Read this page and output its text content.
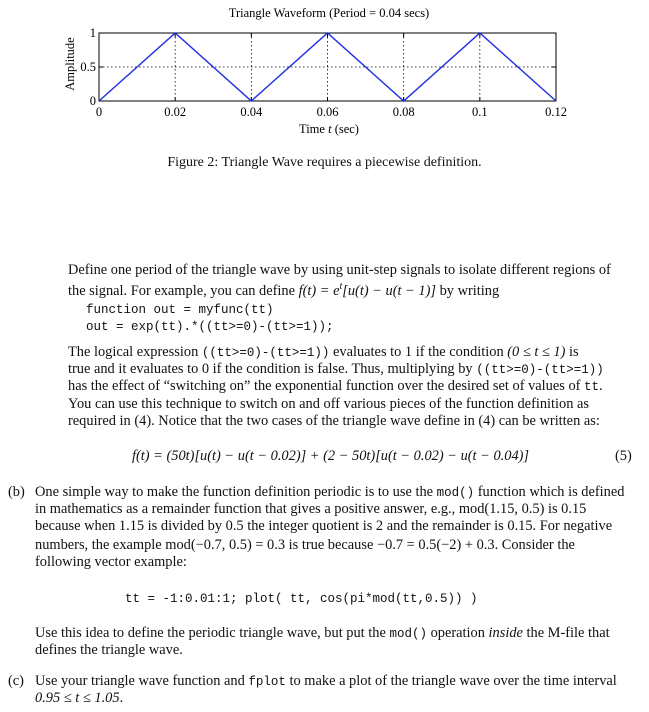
Triangle Waveform (Period = 0.04 secs)
0	0.02	0.04	0.06	0.08	0.1	0.12
0
0.5
1
Amplitude
Time t (sec)
Figure 2: Triangle Wave requires a piecewise definition.
Define one period of the triangle wave by using unit-step signals to isolate different regions of
the signal. For example, you can define $f(t) = e^t[u(t) - u(t - 1)]$ by writing
function out = myfunc(tt)
out = exp(tt).*((tt>=0)-(tt>=1));
The logical expression ((tt>=0)-(tt>=1)) evaluates to 1 if the condition (0 ≤ t ≤ 1) is
true and it evaluates to 0 if the condition is false. Thus, multiplying by ((tt>=0)-(tt>=1))
has the effect of “switching on” the exponential function over the desired set of values of tt.
You can use this technique to switch on and off various pieces of the function definition as
required in (4). Notice that the two cases of the triangle wave define in (4) can be written as:
f(t) = (50t)[u(t) − u(t − 0.02)] + (2 − 50t)[u(t − 0.02) − u(t − 0.04)]	(5)
(b) One simple way to make the function definition periodic is to use the mod() function which is defined
in mathematics as a remainder function that gives a positive answer, e.g., mod(1.15, 0.5) is 0.15
because when 1.15 is divided by 0.5 the integer quotient is 2 and the remainder is 0.15. For negative
numbers, the example mod(−0.7, 0.5) = 0.3 is true because −0.7 = 0.5(−2) + 0.3. Consider the
following vector example:
tt = -1:0.01:1; plot( tt, cos(pi*mod(tt,0.5)) )
Use this idea to define the periodic triangle wave, but put the mod() operation inside the M-file that
defines the triangle wave.
(c) Use your triangle wave function and fplot to make a plot of the triangle wave over the time interval
0.95 ≤ t ≤ 1.05.
